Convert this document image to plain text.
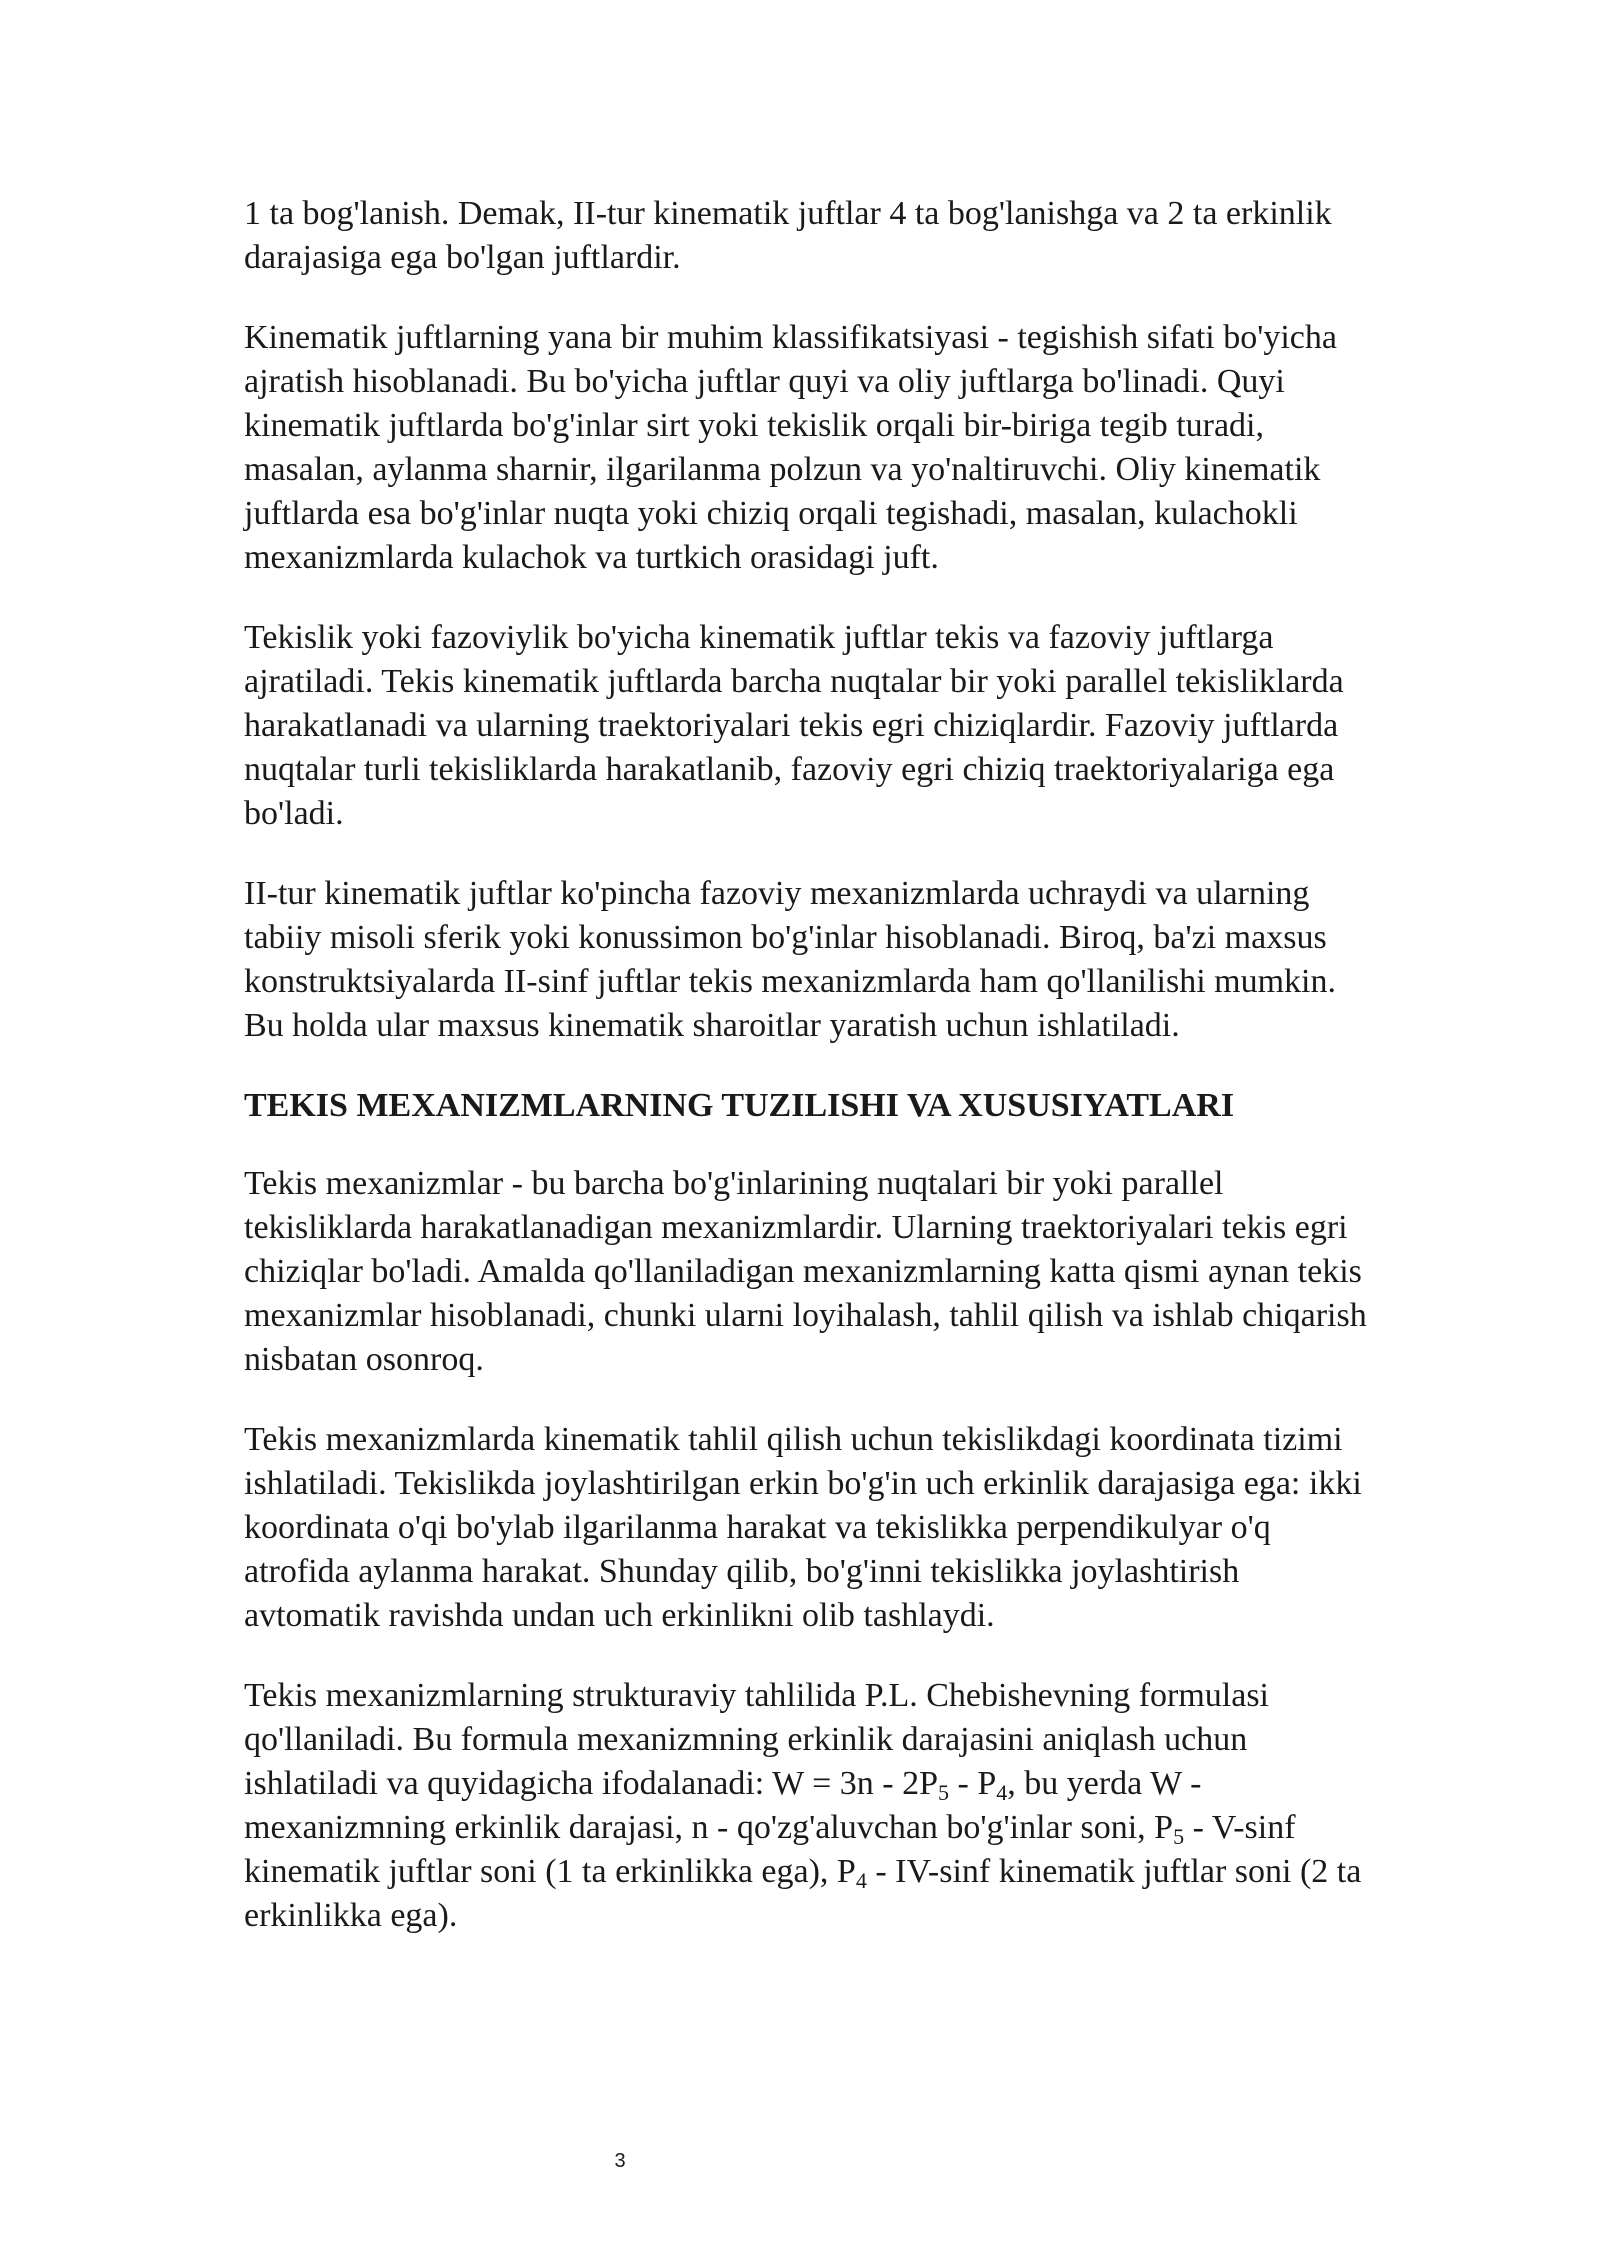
1 ta bog'lanish. Demak, II-tur kinematik juftlar 4 ta bog'lanishga va 2 ta erkinlik darajasiga ega bo'lgan juftlardir.

Kinematik juftlarning yana bir muhim klassifikatsiyasi - tegishish sifati bo'yicha ajratish hisoblanadi. Bu bo'yicha juftlar quyi va oliy juftlarga bo'linadi. Quyi kinematik juftlarda bo'g'inlar sirt yoki tekislik orqali bir-biriga tegib turadi, masalan, aylanma sharnir, ilgarilanma polzun va yo'naltiruvchi. Oliy kinematik juftlarda esa bo'g'inlar nuqta yoki chiziq orqali tegishadi, masalan, kulachokli mexanizmlarda kulachok va turtkich orasidagi juft.

Tekislik yoki fazoviylik bo'yicha kinematik juftlar tekis va fazoviy juftlarga ajratiladi. Tekis kinematik juftlarda barcha nuqtalar bir yoki parallel tekisliklarda harakatlanadi va ularning traektoriyalari tekis egri chiziqlardir. Fazoviy juftlarda nuqtalar turli tekisliklarda harakatlanib, fazoviy egri chiziq traektoriyalariga ega bo'ladi.

II-tur kinematik juftlar ko'pincha fazoviy mexanizmlarda uchraydi va ularning tabiiy misoli sferik yoki konussimon bo'g'inlar hisoblanadi. Biroq, ba'zi maxsus konstruktsiyalarda II-sinf juftlar tekis mexanizmlarda ham qo'llanilishi mumkin. Bu holda ular maxsus kinematik sharoitlar yaratish uchun ishlatiladi.

TEKIS MEXANIZMLARNING TUZILISHI VA XUSUSIYATLARI

Tekis mexanizmlar - bu barcha bo'g'inlarining nuqtalari bir yoki parallel tekisliklarda harakatlanadigan mexanizmlardir. Ularning traektoriyalari tekis egri chiziqlar bo'ladi. Amalda qo'llaniladigan mexanizmlarning katta qismi aynan tekis mexanizmlar hisoblanadi, chunki ularni loyihalash, tahlil qilish va ishlab chiqarish nisbatan osonroq.

Tekis mexanizmlarda kinematik tahlil qilish uchun tekislikdagi koordinata tizimi ishlatiladi. Tekislikda joylashtirilgan erkin bo'g'in uch erkinlik darajasiga ega: ikki koordinata o'qi bo'ylab ilgarilanma harakat va tekislikka perpendikulyar o'q atrofida aylanma harakat. Shunday qilib, bo'g'inni tekislikka joylashtirish avtomatik ravishda undan uch erkinlikni olib tashlaydi.

Tekis mexanizmlarning strukturaviy tahlilida P.L. Chebishevning formulasi qo'llaniladi. Bu formula mexanizmning erkinlik darajasini aniqlash uchun ishlatiladi va quyidagicha ifodalanadi: $W = 3n - 2P_5 - P_4$, bu yerda W - mexanizmning erkinlik darajasi, n - qo'zg'aluvchan bo'g'inlar soni, $P_5 - V-\sin f$ kinematik juftlar soni (1 ta erkinlikka ega), $P_4 - IV-\sin f$ kinematik juftlar soni (2 ta erkinlikka ega).

3
